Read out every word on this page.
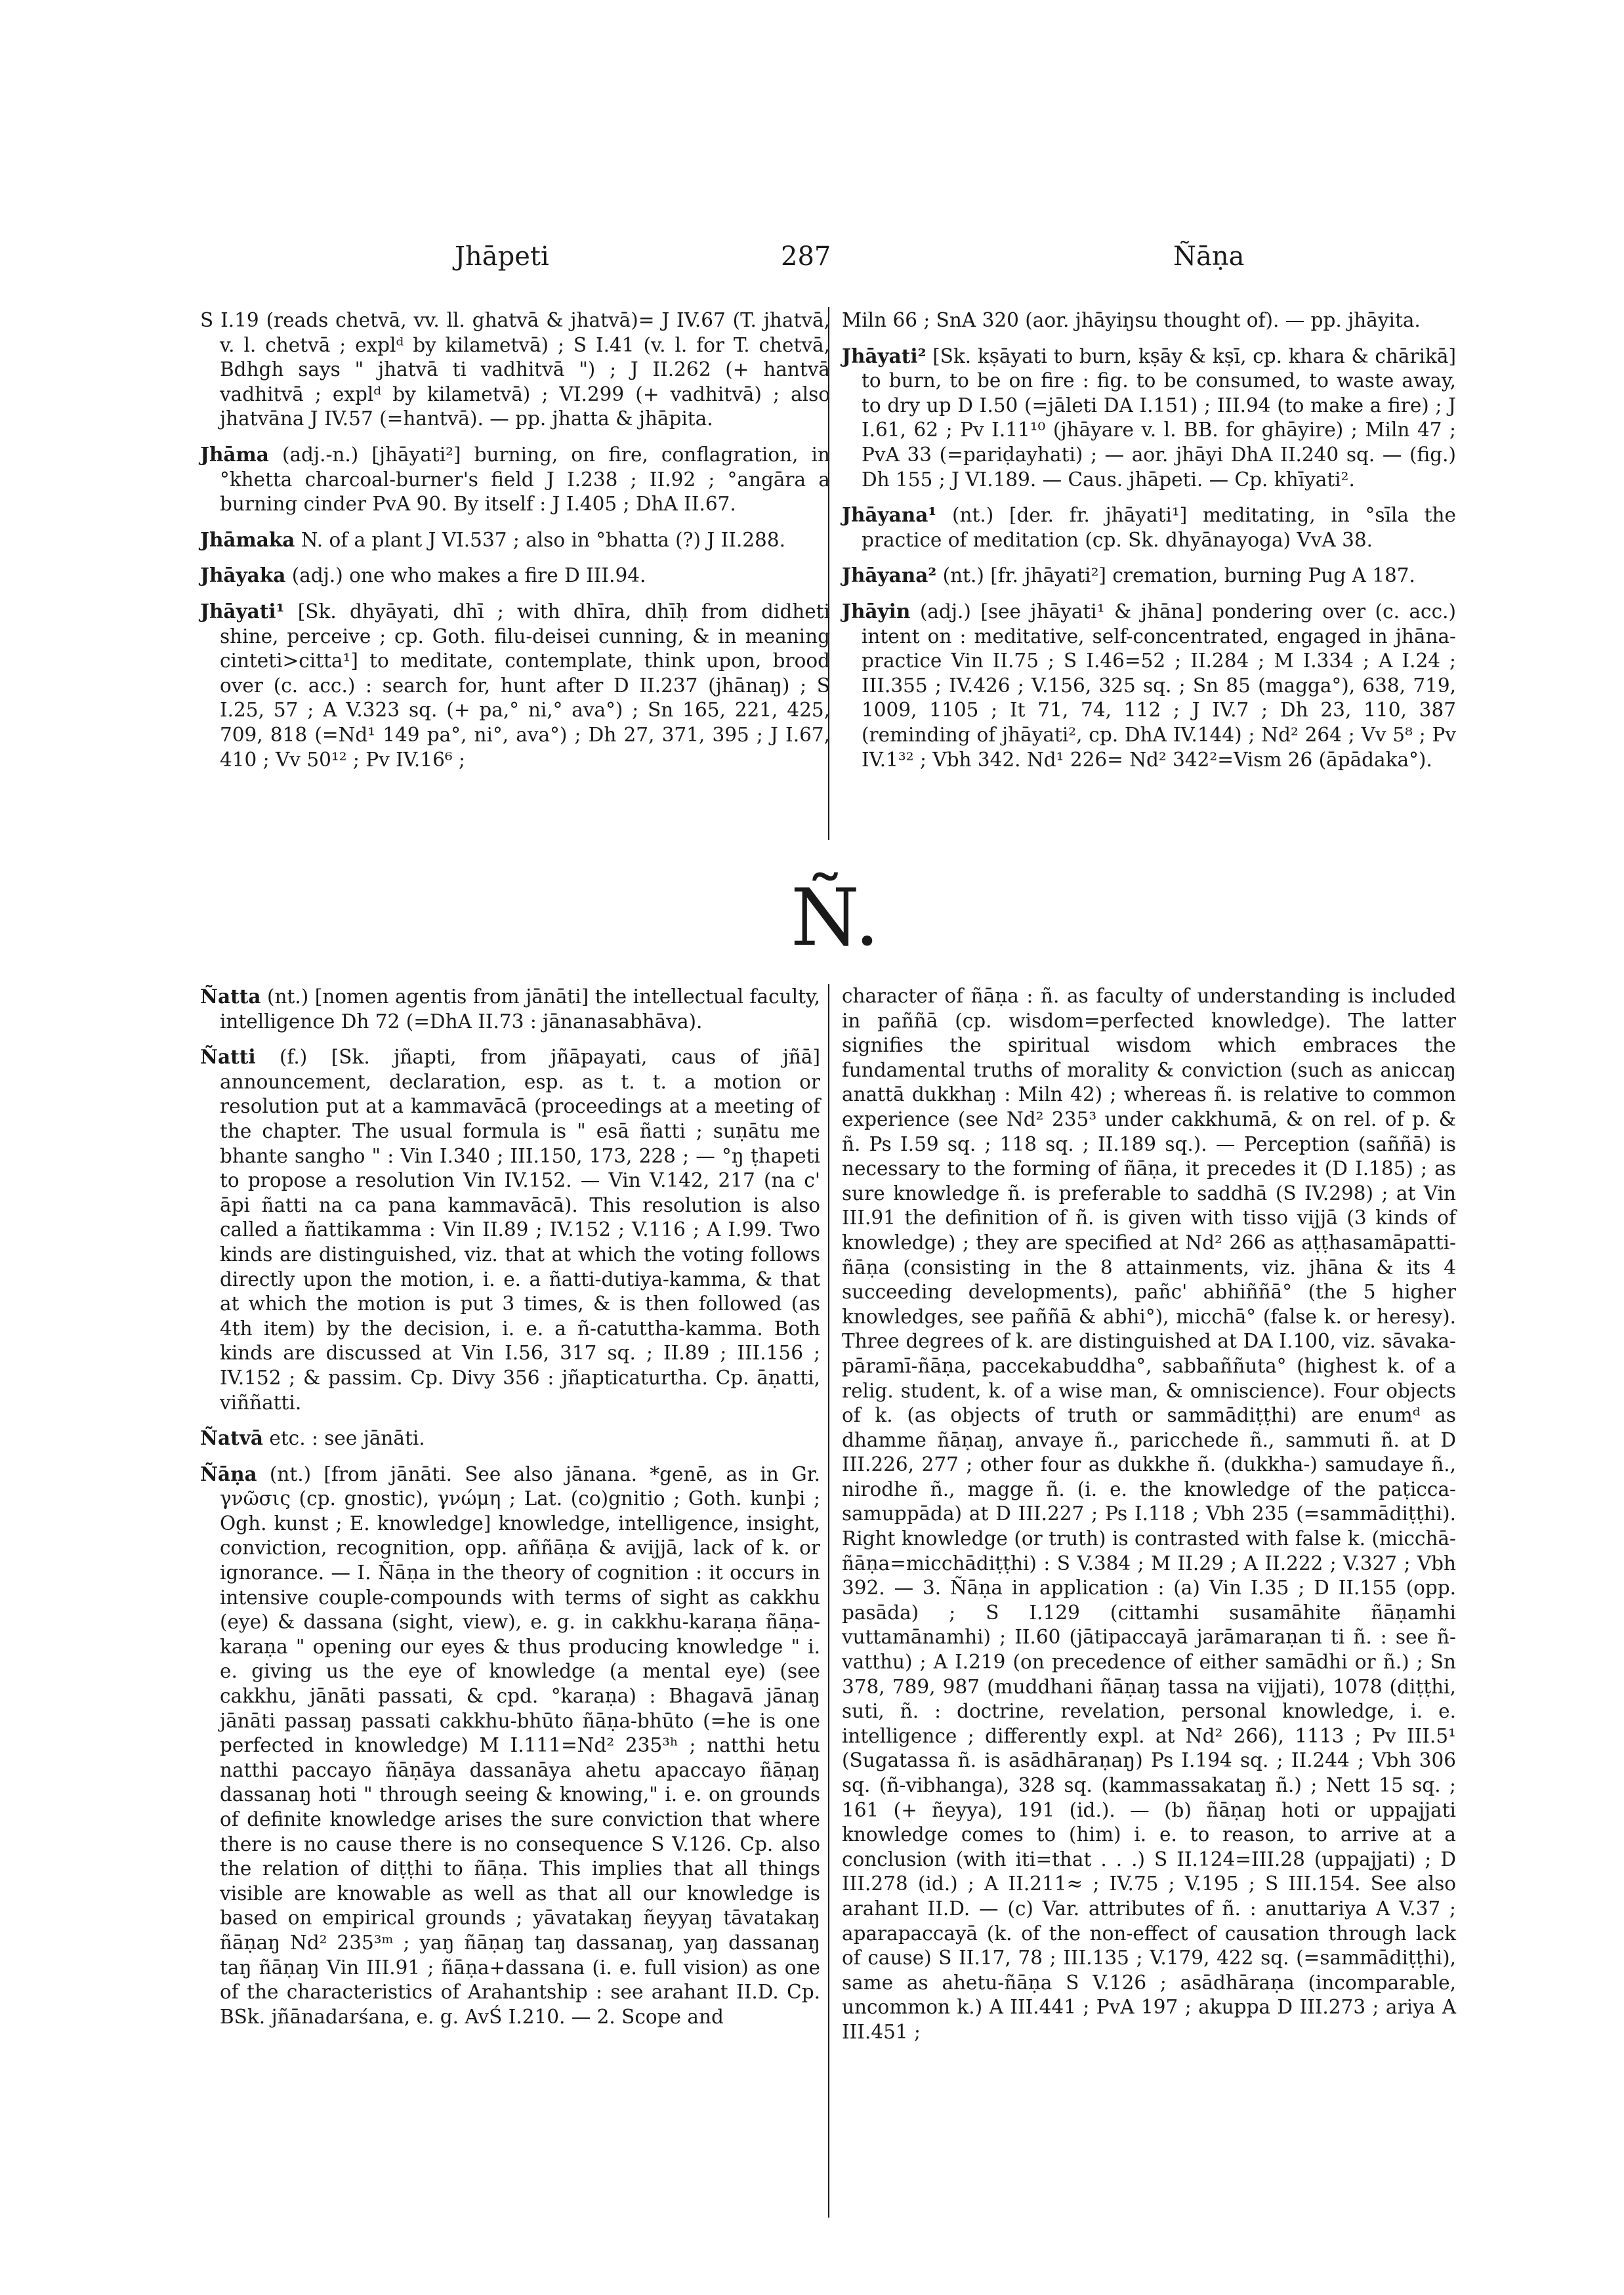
Jhāpeti	287	Ñāṇa

S I.19 (reads chetvā, vv. ll. ghatvā & jhatvā)= J IV.67 (T. jhatvā, v. l. chetvā ; explᵈ by kilametvā) ; S I.41 (v. l. for T. chetvā, Bdhgh says " jhatvā ti vadhitvā ") ; J II.262 (+ hantvā vadhitvā ; explᵈ by kilametvā) ; VI.299 (+ vadhitvā) ; also jhatvāna J IV.57 (=hantvā). — pp. jhatta & jhāpita.

Jhāma (adj.-n.) [jhāyati²] burning, on fire, conflagration, in °khetta charcoal-burner's field J I.238 ; II.92 ; °angāra a burning cinder PvA 90. By itself : J I.405 ; DhA II.67.

Jhāmaka N. of a plant J VI.537 ; also in °bhatta (?) J II.288.

Jhāyaka (adj.) one who makes a fire D III.94.

Jhāyati¹ [Sk. dhyāyati, dhī ; with dhīra, dhīḥ from didheti shine, perceive ; cp. Goth. filu-deisei cunning, & in meaning cinteti>citta¹] to meditate, contemplate, think upon, brood over (c. acc.) : search for, hunt after D II.237 (jhānaŋ) ; S I.25, 57 ; A V.323 sq. (+ pa,° ni,° ava°) ; Sn 165, 221, 425, 709, 818 (=Nd¹ 149 pa°, ni°, ava°) ; Dh 27, 371, 395 ; J I.67, 410 ; Vv 50¹² ; Pv IV.16⁶ ;

Miln 66 ; SnA 320 (aor. jhāyiŋsu thought of). — pp. jhāyita.

Jhāyati² [Sk. kṣāyati to burn, kṣāy & kṣī, cp. khara & chārikā] to burn, to be on fire : fig. to be consumed, to waste away, to dry up D I.50 (=jāleti DA I.151) ; III.94 (to make a fire) ; J I.61, 62 ; Pv I.11¹⁰ (jhāyare v. l. BB. for ghāyire) ; Miln 47 ; PvA 33 (=pariḍayhati) ; — aor. jhāyi DhA II.240 sq. — (fig.) Dh 155 ; J VI.189. — Caus. jhāpeti. — Cp. khīyati².

Jhāyana¹ (nt.) [der. fr. jhāyati¹] meditating, in °sīla the practice of meditation (cp. Sk. dhyānayoga) VvA 38.

Jhāyana² (nt.) [fr. jhāyati²] cremation, burning Pug A 187.

Jhāyin (adj.) [see jhāyati¹ & jhāna] pondering over (c. acc.) intent on : meditative, self-concentrated, engaged in jhāna-practice Vin II.75 ; S I.46=52 ; II.284 ; M I.334 ; A I.24 ; III.355 ; IV.426 ; V.156, 325 sq. ; Sn 85 (magga°), 638, 719, 1009, 1105 ; It 71, 74, 112 ; J IV.7 ; Dh 23, 110, 387 (reminding of jhāyati², cp. DhA IV.144) ; Nd² 264 ; Vv 5⁸ ; Pv IV.1³² ; Vbh 342. Nd¹ 226= Nd² 342²=Vism 26 (āpādaka°).

Ñ.

Ñatta (nt.) [nomen agentis from jānāti] the intellectual faculty, intelligence Dh 72 (=DhA II.73 : jānanasabhāva).

Ñatti (f.) [Sk. jñapti, from jñāpayati, caus of jñā] announcement, declaration, esp. as t. t. a motion or resolution put at a kammavācā (proceedings at a meeting of the chapter. The usual formula is " esā ñatti ; suṇātu me bhante sangho " : Vin I.340 ; III.150, 173, 228 ; — °ŋ ṭhapeti to propose a resolution Vin IV.152. — Vin V.142, 217 (na c' āpi ñatti na ca pana kammavācā). This resolution is also called a ñattikamma : Vin II.89 ; IV.152 ; V.116 ; A I.99. Two kinds are distinguished, viz. that at which the voting follows directly upon the motion, i. e. a ñatti-dutiya-kamma, & that at which the motion is put 3 times, & is then followed (as 4th item) by the decision, i. e. a ñ-catuttha-kamma. Both kinds are discussed at Vin I.56, 317 sq. ; II.89 ; III.156 ; IV.152 ; & passim. Cp. Divy 356 : jñapticaturtha. Cp. āṇatti, viññatti.

Ñatvā etc. : see jānāti.

Ñāṇa (nt.) [from jānāti. See also jānana. *genē, as in Gr. γνῶσις (cp. gnostic), γνώμη ; Lat. (co)gnitio ; Goth. kunþi ; Ogh. kunst ; E. knowledge] knowledge, intelligence, insight, conviction, recognition, opp. aññāṇa & avijjā, lack of k. or ignorance. — I. Ñāṇa in the theory of cognition : it occurs in intensive couple-compounds with terms of sight as cakkhu (eye) & dassana (sight, view), e. g. in cakkhu-karaṇa ñāṇa-karaṇa " opening our eyes & thus producing knowledge " i. e. giving us the eye of knowledge (a mental eye) (see cakkhu, jānāti passati, & cpd. °karaṇa) : Bhagavā jānaŋ jānāti passaŋ passati cakkhu-bhūto ñāṇa-bhūto (=he is one perfected in knowledge) M I.111=Nd² 235³ʰ ; natthi hetu natthi paccayo ñāṇāya dassanāya ahetu apaccayo ñāṇaŋ dassanaŋ hoti " through seeing & knowing," i. e. on grounds of definite knowledge arises the sure conviction that where there is no cause there is no consequence S V.126. Cp. also the relation of diṭṭhi to ñāṇa. This implies that all things visible are knowable as well as that all our knowledge is based on empirical grounds ; yāvatakaŋ ñeyyaŋ tāvatakaŋ ñāṇaŋ Nd² 235³ᵐ ; yaŋ ñāṇaŋ taŋ dassanaŋ, yaŋ dassanaŋ taŋ ñāṇaŋ Vin III.91 ; ñāṇa+dassana (i. e. full vision) as one of the characteristics of Arahantship : see arahant II.D. Cp. BSk. jñānadarśana, e. g. AvŚ I.210. — 2. Scope and

character of ñāṇa : ñ. as faculty of understanding is included in paññā (cp. wisdom=perfected knowledge). The latter signifies the spiritual wisdom which embraces the fundamental truths of morality & conviction (such as aniccaŋ anattā dukkhaŋ : Miln 42) ; whereas ñ. is relative to common experience (see Nd² 235³ under cakkhumā, & on rel. of p. & ñ. Ps I.59 sq. ; 118 sq. ; II.189 sq.). — Perception (saññā) is necessary to the forming of ñāṇa, it precedes it (D I.185) ; as sure knowledge ñ. is preferable to saddhā (S IV.298) ; at Vin III.91 the definition of ñ. is given with tisso vijjā (3 kinds of knowledge) ; they are specified at Nd² 266 as aṭṭhasamāpatti-ñāṇa (consisting in the 8 attainments, viz. jhāna & its 4 succeeding developments), pañc' abhiññā° (the 5 higher knowledges, see paññā & abhi°), micchā° (false k. or heresy). Three degrees of k. are distinguished at DA I.100, viz. sāvaka-pāramī-ñāṇa, paccekabuddha°, sabbaññuta° (highest k. of a relig. student, k. of a wise man, & omniscience). Four objects of k. (as objects of truth or sammādiṭṭhi) are enumᵈ as dhamme ñāṇaŋ, anvaye ñ., paricchede ñ., sammuti ñ. at D III.226, 277 ; other four as dukkhe ñ. (dukkha-) samudaye ñ., nirodhe ñ., magge ñ. (i. e. the knowledge of the paṭicca-samuppāda) at D III.227 ; Ps I.118 ; Vbh 235 (=sammādiṭṭhi). Right knowledge (or truth) is contrasted with false k. (micchā-ñāṇa=micchādiṭṭhi) : S V.384 ; M II.29 ; A II.222 ; V.327 ; Vbh 392. — 3. Ñāṇa in application : (a) Vin I.35 ; D II.155 (opp. pasāda) ; S I.129 (cittamhi susamāhite ñāṇamhi vuttamānamhi) ; II.60 (jātipaccayā jarāmaraṇan ti ñ. : see ñ-vatthu) ; A I.219 (on precedence of either samādhi or ñ.) ; Sn 378, 789, 987 (muddhani ñāṇaŋ tassa na vijjati), 1078 (diṭṭhi, suti, ñ. : doctrine, revelation, personal knowledge, i. e. intelligence ; differently expl. at Nd² 266), 1113 ; Pv III.5¹ (Sugatassa ñ. is asādhāraṇaŋ) Ps I.194 sq. ; II.244 ; Vbh 306 sq. (ñ-vibhanga), 328 sq. (kammassakataŋ ñ.) ; Nett 15 sq. ; 161 (+ ñeyya), 191 (id.). — (b) ñāṇaŋ hoti or uppajjati knowledge comes to (him) i. e. to reason, to arrive at a conclusion (with iti=that . . .) S II.124=III.28 (uppajjati) ; D III.278 (id.) ; A II.211≈ ; IV.75 ; V.195 ; S III.154. See also arahant II.D. — (c) Var. attributes of ñ. : anuttariya A V.37 ; aparapaccayā (k. of the non-effect of causation through lack of cause) S II.17, 78 ; III.135 ; V.179, 422 sq. (=sammādiṭṭhi), same as ahetu-ñāṇa S V.126 ; asādhāraṇa (incomparable, uncommon k.) A III.441 ; PvA 197 ; akuppa D III.273 ; ariya A III.451 ;
